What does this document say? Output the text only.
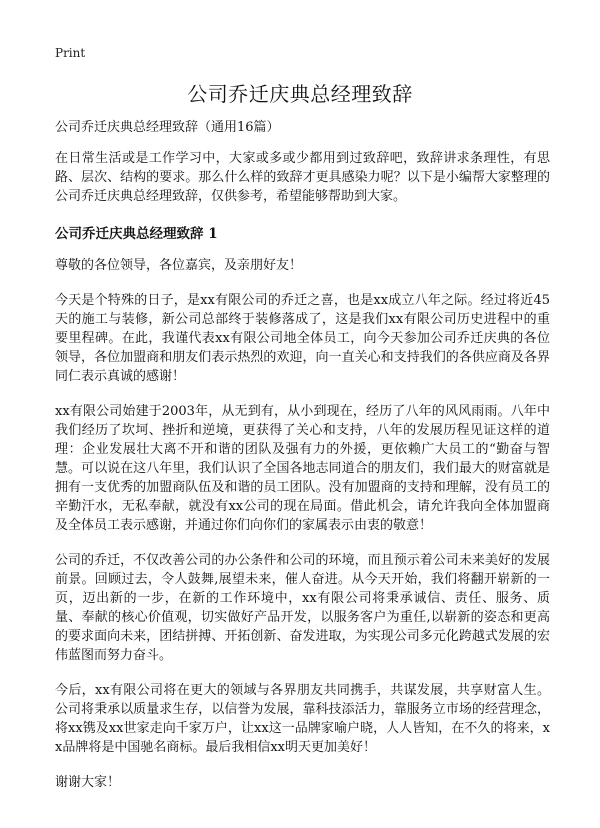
Print
公司乔迁庆典总经理致辞

公司乔迁庆典总经理致辞（通用16篇）

在日常生活或是工作学习中，大家或多或少都用到过致辞吧，致辞讲求条理性，有思路、层次、结构的要求。那么什么样的致辞才更具感染力呢？以下是小编帮大家整理的公司乔迁庆典总经理致辞，仅供参考，希望能够帮助到大家。

公司乔迁庆典总经理致辞 1

尊敬的各位领导，各位嘉宾，及亲朋好友！

今天是个特殊的日子，是xx有限公司的乔迁之喜，也是xx成立八年之际。经过将近45天的施工与装修，新公司总部终于装修落成了，这是我们xx有限公司历史进程中的重要里程碑。在此，我谨代表xx有限公司地全体员工，向今天参加公司乔迁庆典的各位领导，各位加盟商和朋友们表示热烈的欢迎，向一直关心和支持我们的各供应商及各界同仁表示真诚的感谢！

xx有限公司始建于2003年，从无到有，从小到现在，经历了八年的风风雨雨。八年中我们经历了坎坷、挫折和逆境，更获得了关心和支持，八年的发展历程见证这样的道理：企业发展壮大离不开和谐的团队及强有力的外援，更依赖广大员工的“勤奋与智慧。可以说在这八年里，我们认识了全国各地志同道合的朋友们，我们最大的财富就是拥有一支优秀的加盟商队伍及和谐的员工团队。没有加盟商的支持和理解，没有员工的辛勤汗水，无私奉献，就没有xx公司的现在局面。借此机会，请允许我向全体加盟商及全体员工表示感谢，并通过你们向你们的家属表示由衷的敬意！

公司的乔迁，不仅改善公司的办公条件和公司的环境，而且预示着公司未来美好的发展前景。回顾过去，令人鼓舞,展望未来，催人奋进。从今天开始，我们将翻开崭新的一页，迈出新的一步，在新的工作环境中，xx有限公司将秉承诚信、责任、服务、质量、奉献的核心价值观，切实做好产品开发，以服务客户为重任,以崭新的姿态和更高的要求面向未来，团结拼搏、开拓创新、奋发进取，为实现公司多元化跨越式发展的宏伟蓝图而努力奋斗。

今后，xx有限公司将在更大的领域与各界朋友共同携手，共谋发展，共享财富人生。公司将秉承以质量求生存，以信誉为发展，靠科技添活力，靠服务立市场的经营理念，将xx镌及xx世家走向千家万户，让xx这一品牌家喻户晓，人人皆知，在不久的将来，xx品牌将是中国驰名商标。最后我相信xx明天更加美好！

谢谢大家！
